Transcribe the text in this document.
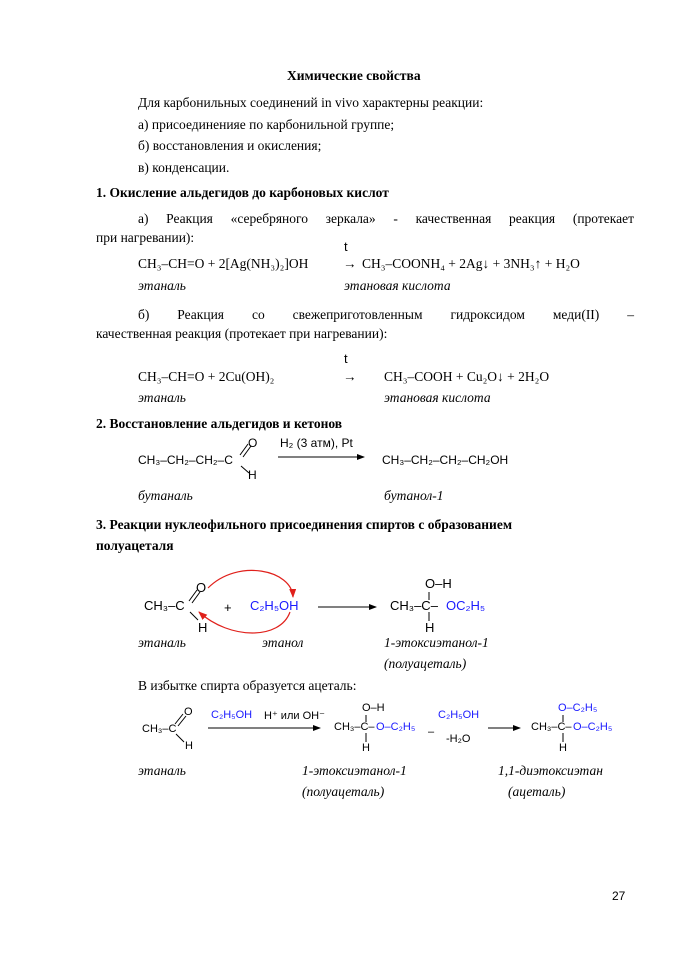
Химические свойства
Для карбонильных соединений in vivo характерны реакции:
а) присоединенияе по карбонильной группе;
б) восстановления и окисления;
в) конденсации.
1. Окисление альдегидов до карбоновых кислот
а) Реакция «серебряного зеркала» - качественная реакция (протекает
при нагревании):
t
CH₃–CH=O + 2[Ag(NH₃)₂]OH	→ CH₃–COONH₄ + 2Ag↓ + 3NH₃↑ + H₂O
этаналь	этановая кислота
б) Реакция со свежеприготовленным гидроксидом меди(II) –
качественная реакция (протекает при нагревании):
t
CH₃–CH=O + 2Cu(OH)₂	→ CH₃–COOH + Cu₂O↓ + 2H₂O
этаналь	этановая кислота
2. Восстановление альдегидов и кетонов
CH₃–CH₂–CH₂–C
O
H
H₂ (3 атм), Pt
CH₃–CH₂–CH₂–CH₂OH
бутаналь	бутанол-1
3. Реакции нуклеофильного присоединения спиртов с образованием
полуацеталя
CH₃–C
O
H
+ C₂H₅OH
O–H
CH₃–C– OC₂H₅
H
этаналь	этанол	1-этоксиэтанол-1
(полуацеталь)
В избытке спирта образуется ацеталь:
CH₃–C
O
H
C₂H₅OH H⁺ или OH⁻
O–H
CH₃–C– O–C₂H₅
H
–
C₂H₅OH
-H₂O
O–C₂H₅
CH₃–C– O–C₂H₅
H
этаналь	1-этоксиэтанол-1
(полуацеталь)
1,1-диэтоксиэтан
(ацеталь)
27
